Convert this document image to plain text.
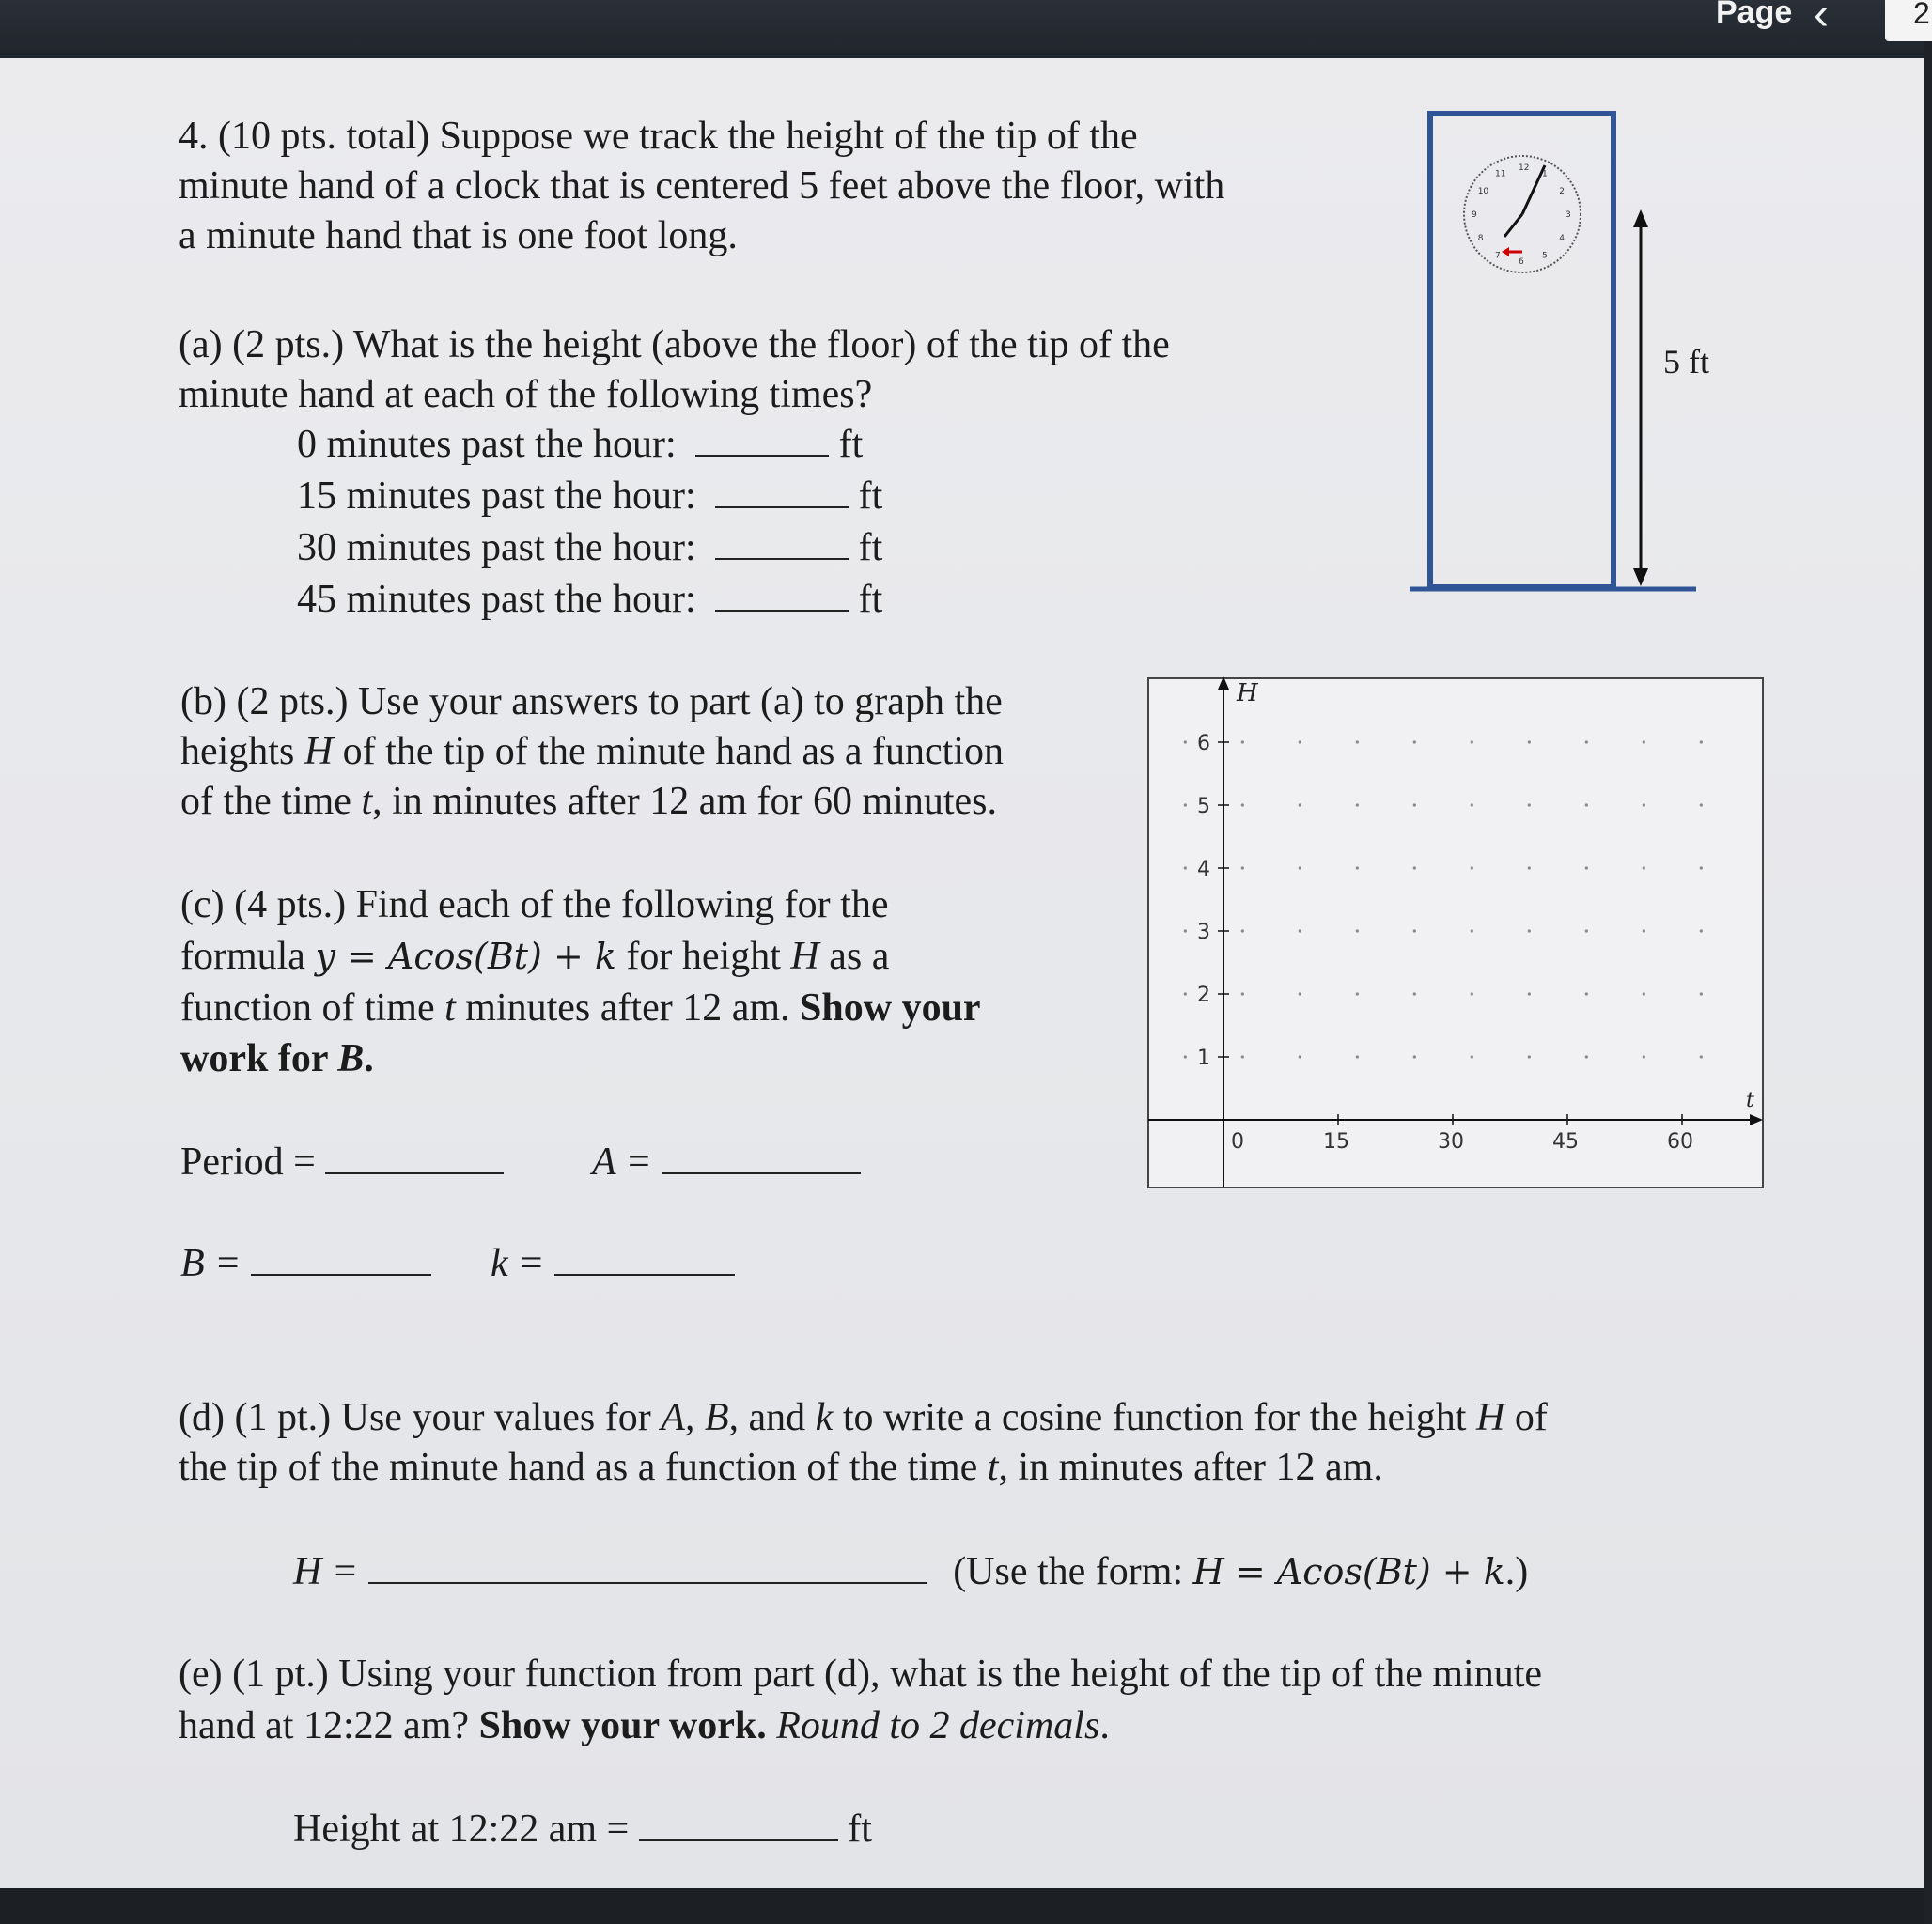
Page ‹	2
4. (10 pts. total) Suppose we track the height of the tip of the
minute hand of a clock that is centered 5 feet above the floor, with
a minute hand that is one foot long.
(a) (2 pts.) What is the height (above the floor) of the tip of the
minute hand at each of the following times?
0 minutes past the hour:	ft
15 minutes past the hour:	ft
30 minutes past the hour:	ft
45 minutes past the hour:	ft
11
12
1
2
3
4
5
6
7
8
9
10
5 ft
(b) (2 pts.) Use your answers to part (a) to graph the
heights H of the tip of the minute hand as a function
of the time t, in minutes after 12 am for 60 minutes.
1
2
3
4
5
6
0	15	30	45	60
H
t
(c) (4 pts.) Find each of the following for the
formula y = Acos(Bt) + k for height H as a
function of time t minutes after 12 am. Show your
work for B.
Period =	A =
B =	k =
(d) (1 pt.) Use your values for A, B, and k to write a cosine function for the height H of
the tip of the minute hand as a function of the time t, in minutes after 12 am.
H =	(Use the form: H = Acos(Bt) + k.)
(e) (1 pt.) Using your function from part (d), what is the height of the tip of the minute
hand at 12:22 am? Show your work. Round to 2 decimals.
Height at 12:22 am =	ft
